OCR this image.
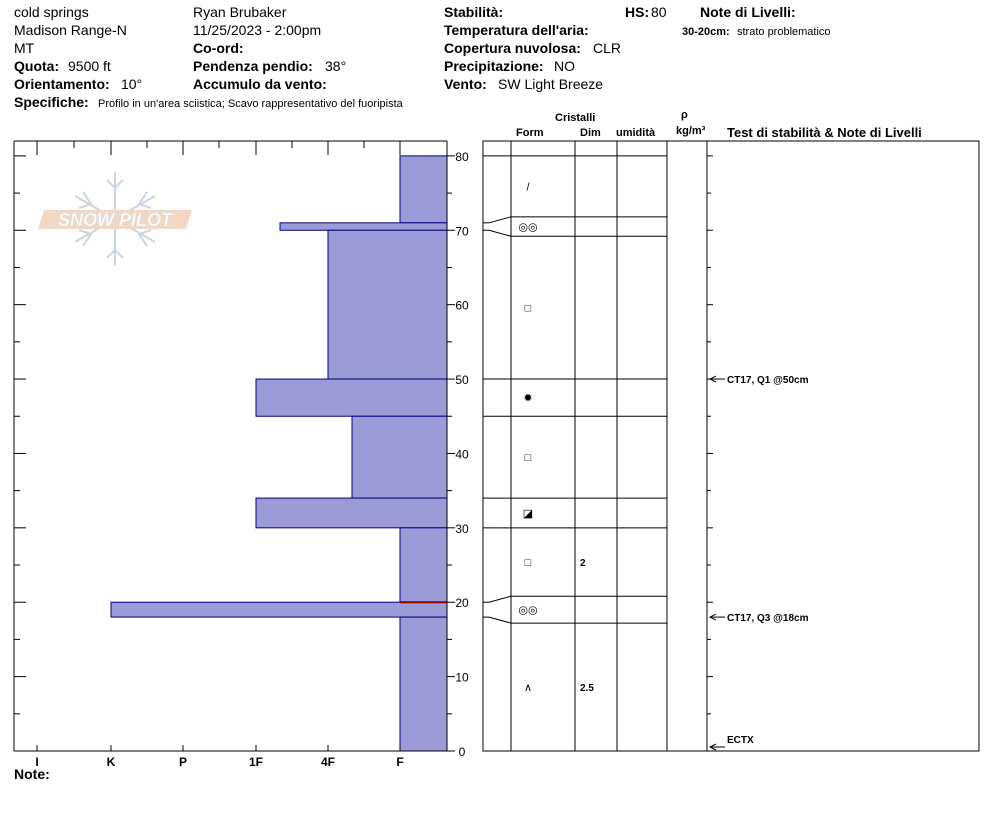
cold springs
Madison Range-N
MT
Quota: 9500 ft
Orientamento: 10°
Specifiche: Profilo in un'area sciistica; Scavo rappresentativo del fuoripista
Ryan Brubaker
11/25/2023 - 2:00pm
Co-ord:
Pendenza pendio: 38°
Accumulo da vento:
Stabilità:	HS: 80
Temperatura dell'aria:
Copertura nuvolosa: CLR
Precipitazione: NO
Vento: SW Light Breeze
Note di Livelli:
30-20cm: strato problematico
Cristalli
Form	Dim umidità
ρ
kg/m³ Test di stabilità & Note di Livelli
Note:
SNOW PILOT
0
10
20
30
40
50
60
70
80
I	K	P	1F	4F	F
/
◎◎
□
✹
□
◪
□	2
◎◎
∧	2.5
CT17, Q1 @50cm
CT17, Q3 @18cm
ECTX
